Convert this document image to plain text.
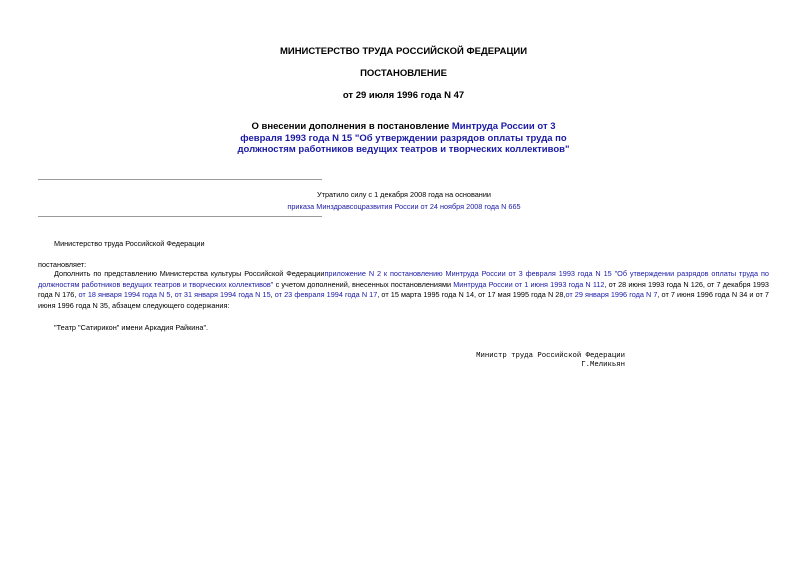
МИНИСТЕРСТВО ТРУДА РОССИЙСКОЙ ФЕДЕРАЦИИ
ПОСТАНОВЛЕНИЕ
от 29 июля 1996 года N 47
О внесении дополнения в постановление Минтруда России от 3 февраля 1993 года N 15 "Об утверждении разрядов оплаты труда по должностям работников ведущих театров и творческих коллективов"
Утратило силу с 1 декабря 2008 года на основании
приказа Минздравсоцразвития России от 24 ноября 2008 года N 665
Министерство труда Российской Федерации
постановляет:
Дополнить по представлению Министерства культуры Российской Федерацииприложение N 2 к постановлению Минтруда России от 3 февраля 1993 года N 15 "Об утверждении разрядов оплаты труда по должностям работников ведущих театров и творческих коллективов" с учетом дополнений, внесенных постановлениями Минтруда России от 1 июня 1993 года N 112, от 28 июня 1993 года N 126, от 7 декабря 1993 года N 176, от 18 января 1994 года N 5, от 31 января 1994 года N 15, от 23 февраля 1994 года N 17, от 15 марта 1995 года N 14, от 17 мая 1995 года N 28,от 29 января 1996 года N 7, от 7 июня 1996 года N 34 и от 7 июня 1996 года N 35, абзацем следующего содержания:
"Театр "Сатирикон" имени Аркадия Райкина".
Министр труда Российской Федерации
Г.Меликьян
